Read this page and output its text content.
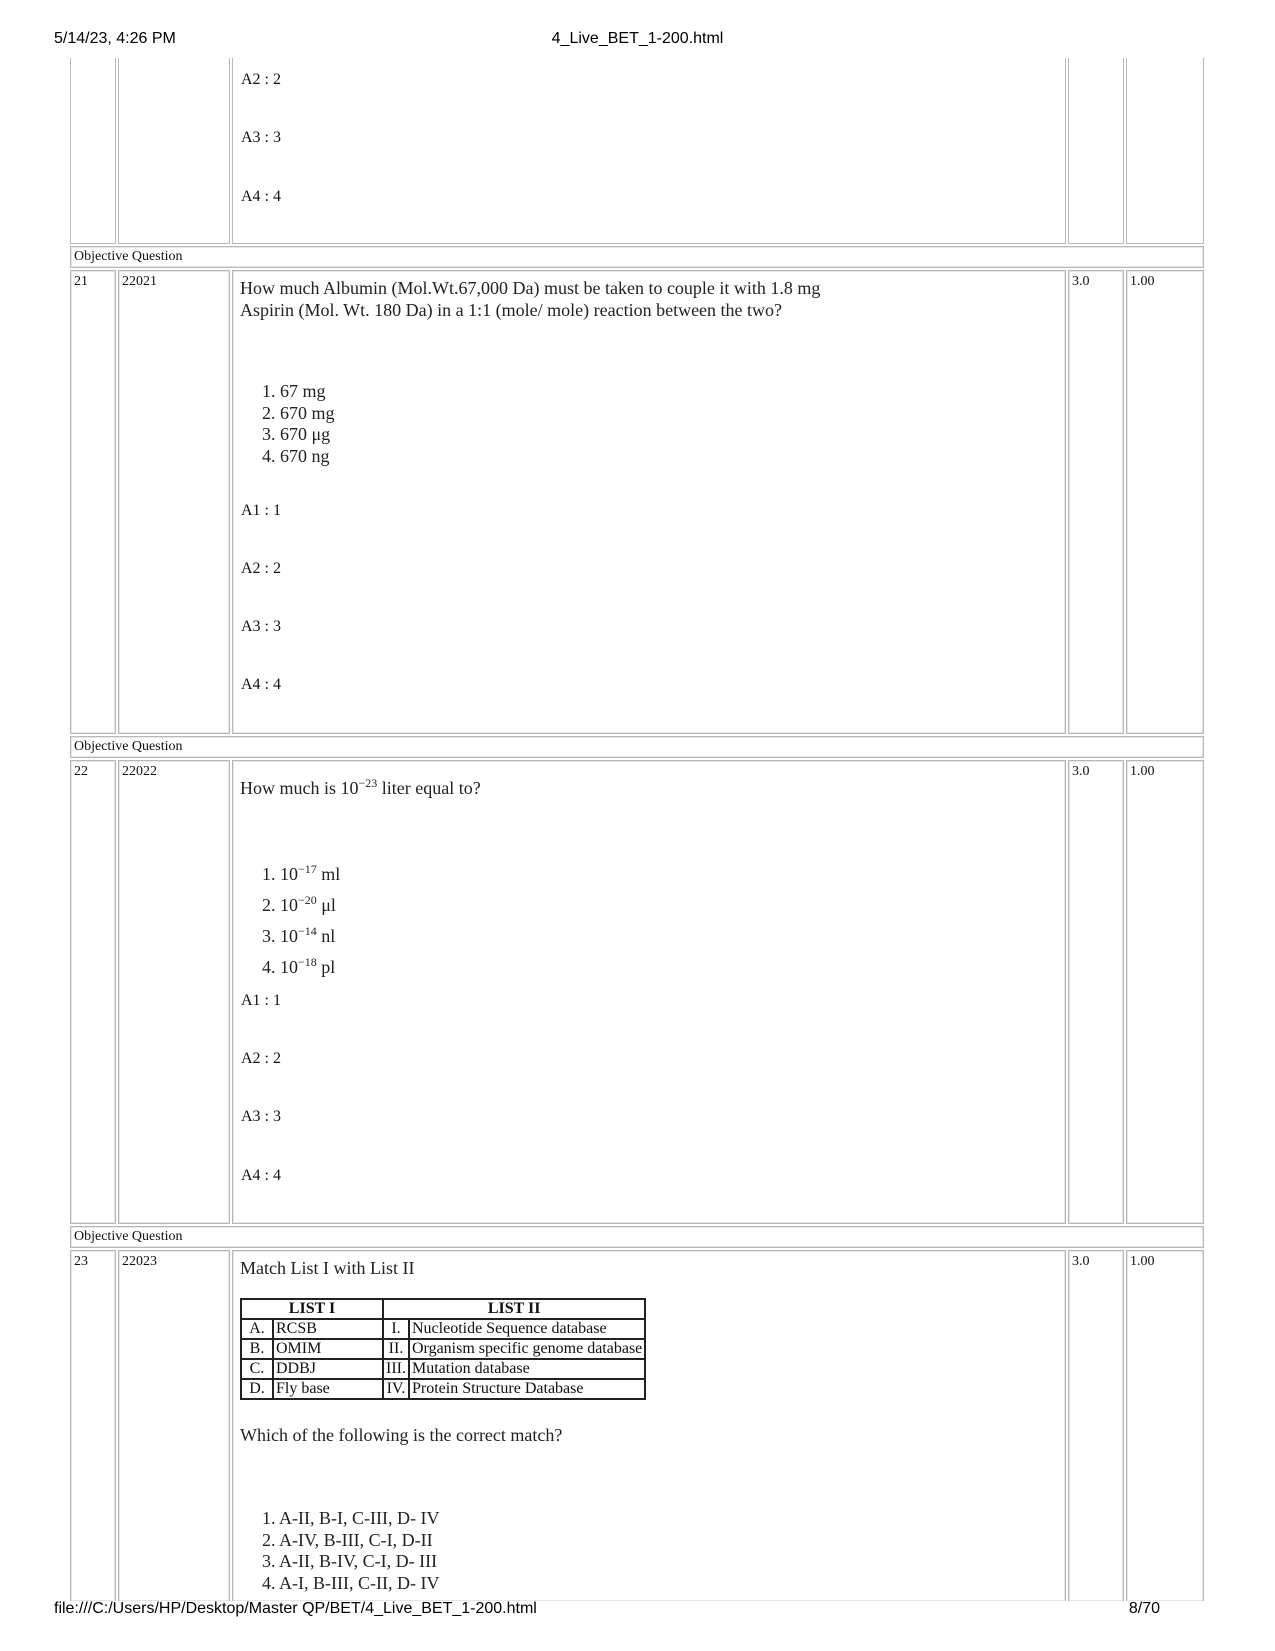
5/14/23, 4:26 PM	4_Live_BET_1-200.html
file:///C:/Users/HP/Desktop/Master QP/BET/4_Live_BET_1-200.html	8/70
A2 : 2
A3 : 3
A4 : 4
Objective Question
21	22021	3.0	1.00
How much Albumin (Mol.Wt.67,000 Da) must be taken to couple it with 1.8 mg
Aspirin (Mol. Wt. 180 Da) in a 1:1 (mole/ mole) reaction between the two?
1. 67 mg
2. 670 mg
3. 670 μg
4. 670 ng
A1 : 1
A2 : 2
A3 : 3
A4 : 4
Objective Question
22	22022	3.0	1.00
How much is $10^{-23}$ liter equal to?
1. $10^{-17}$ ml
2. $10^{-20}$ μl
3. $10^{-14}$ nl
4. $10^{-18}$ pl
A1 : 1
A2 : 2
A3 : 3
A4 : 4
Objective Question
23	22023	3.0	1.00
Match List I with List II
LIST I		LIST II	
A.	RCSB	I.	Nucleotide Sequence database
B.	OMIM	II.	Organism specific genome database
C.	DDBJ	III.	Mutation database
D.	Fly base	IV.	Protein Structure Database
Which of the following is the correct match?
1. A-II, B-I, C-III, D- IV
2. A-IV, B-III, C-I, D-II
3. A-II, B-IV, C-I, D- III
4. A-I, B-III, C-II, D- IV
